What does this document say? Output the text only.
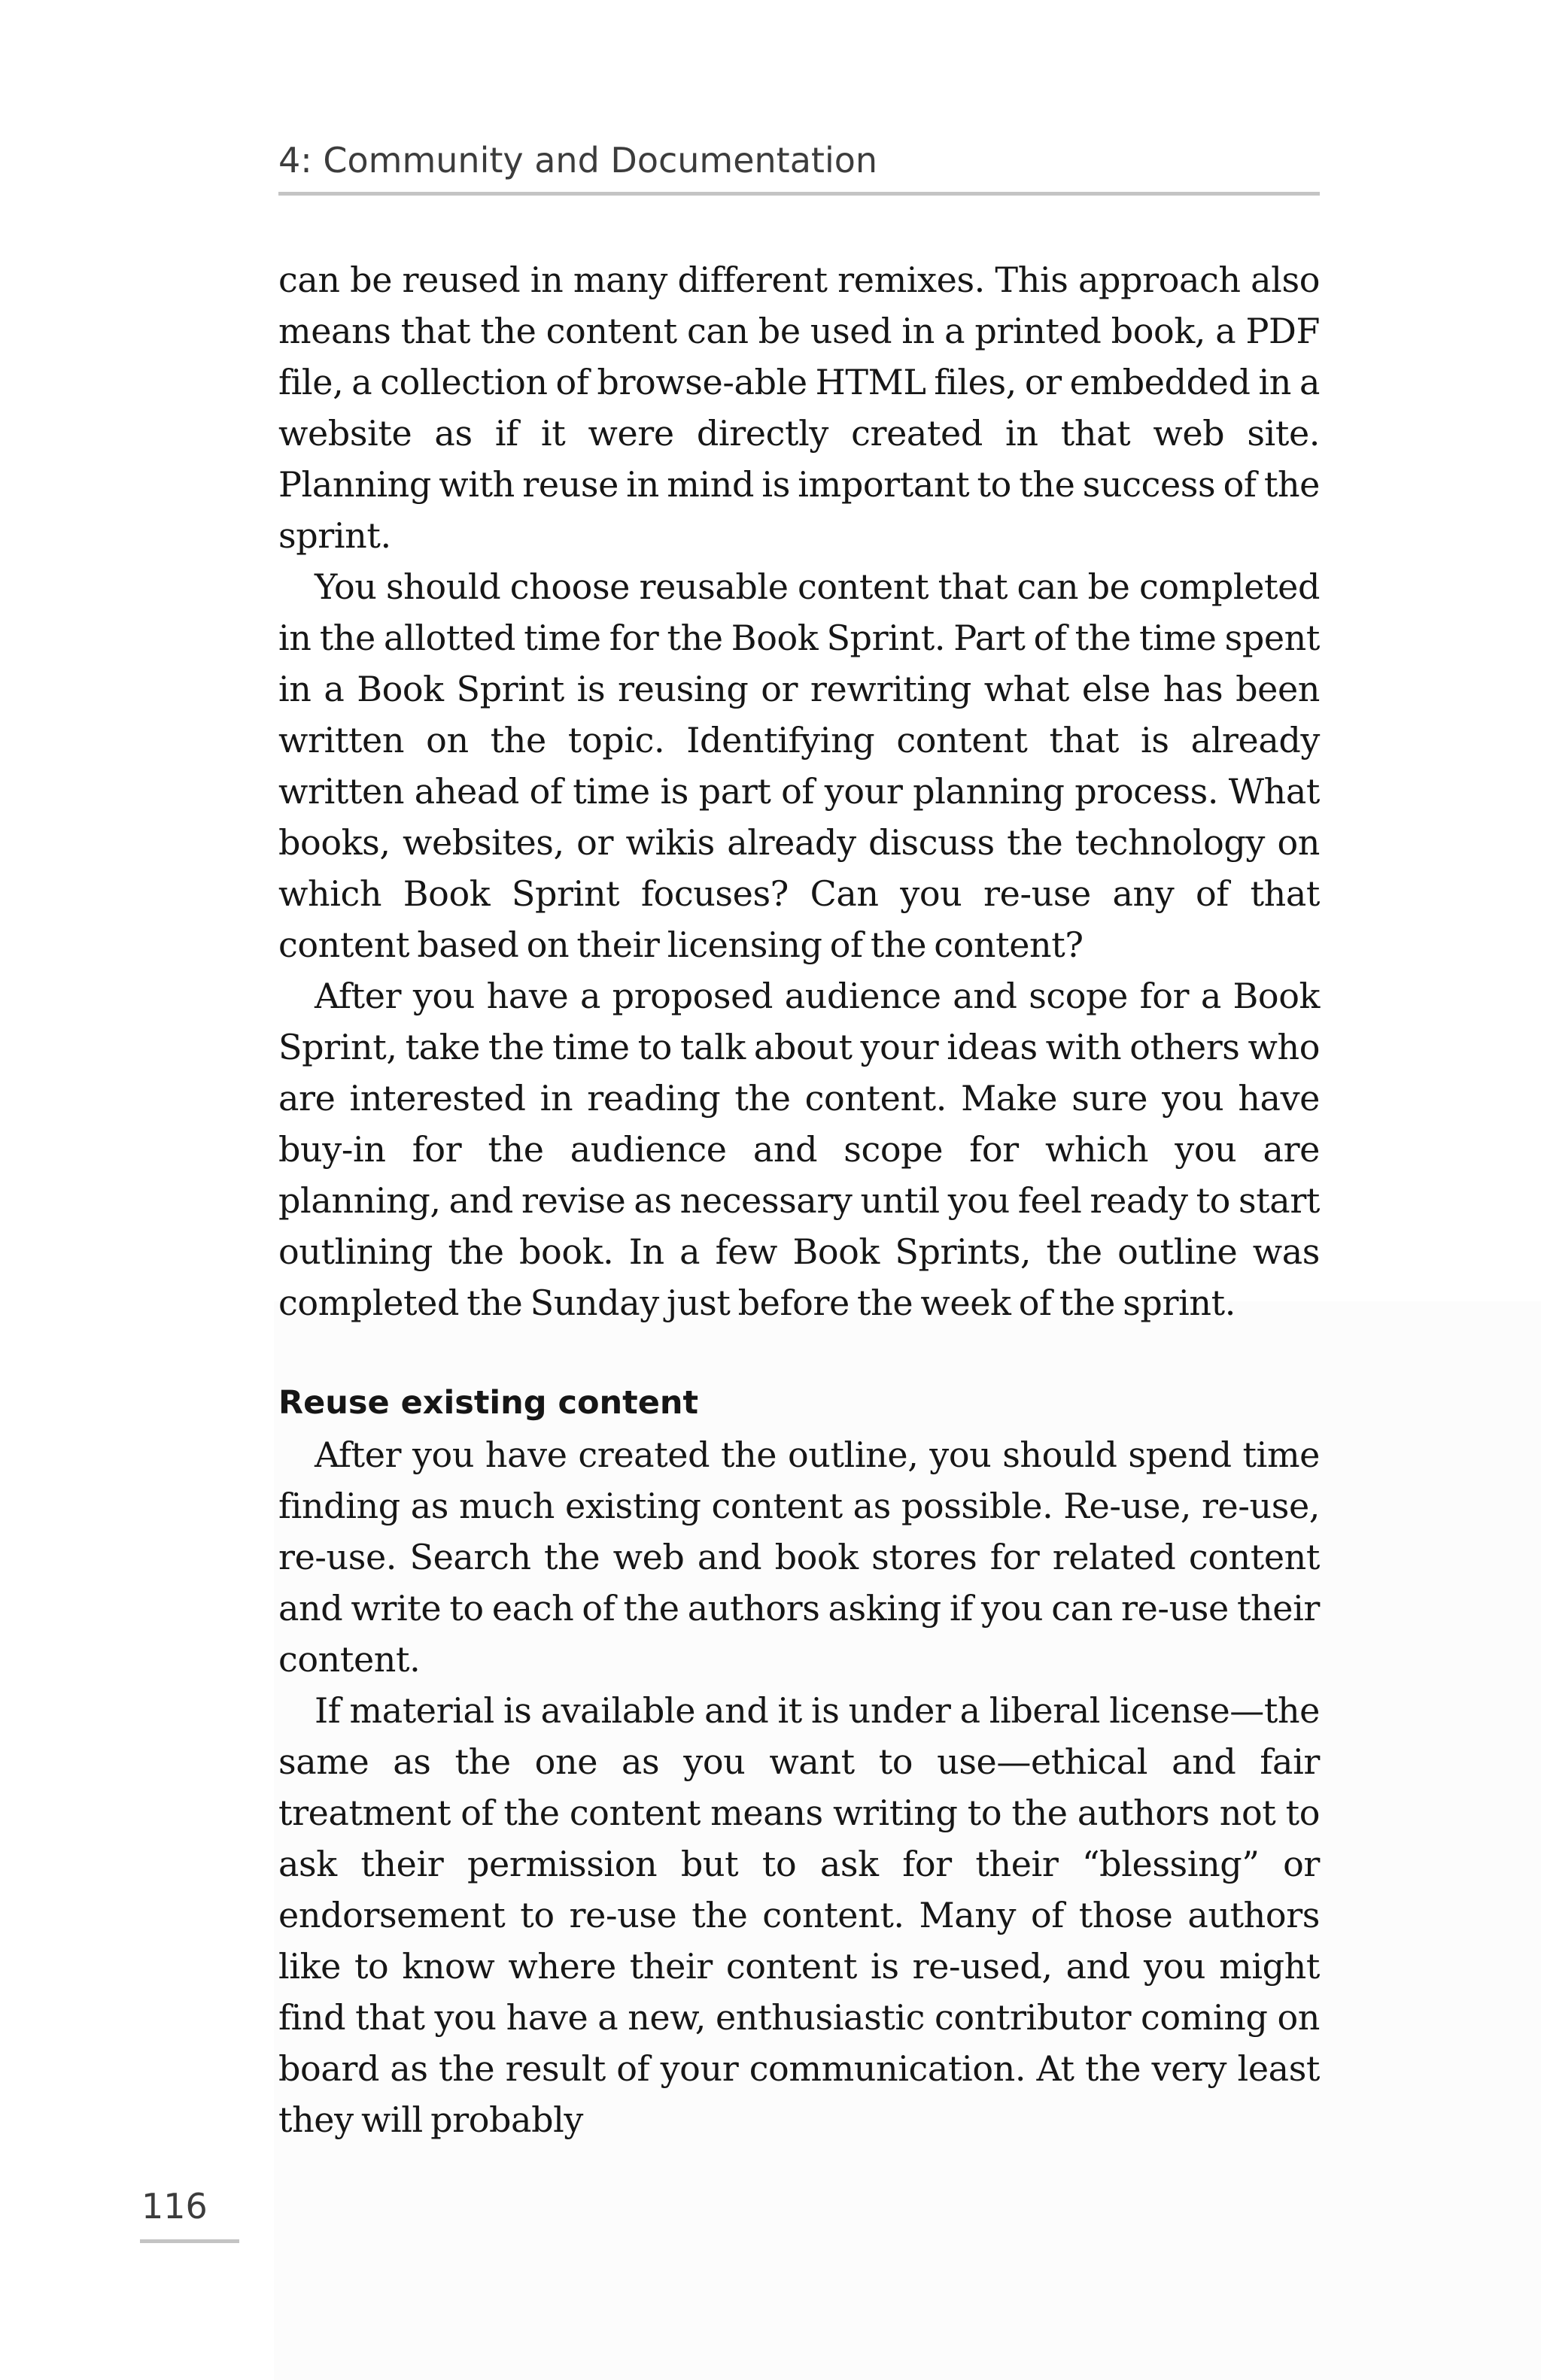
4: Community and Documentation

can be reused in many different remixes. This approach also means that the content can be used in a printed book, a PDF file, a collection of browse-able HTML files, or embedded in a website as if it were directly created in that web site. Planning with reuse in mind is important to the success of the sprint.

You should choose reusable content that can be completed in the allotted time for the Book Sprint. Part of the time spent in a Book Sprint is reusing or rewriting what else has been written on the topic. Identifying content that is already written ahead of time is part of your planning process. What books, websites, or wikis already discuss the technology on which Book Sprint focuses? Can you re-use any of that content based on their licensing of the content?

After you have a proposed audience and scope for a Book Sprint, take the time to talk about your ideas with others who are interested in reading the content. Make sure you have buy-in for the audience and scope for which you are planning, and revise as necessary until you feel ready to start outlining the book. In a few Book Sprints, the outline was completed the Sunday just before the week of the sprint.

Reuse existing content

After you have created the outline, you should spend time finding as much existing content as possible. Re-use, re-use, re-use. Search the web and book stores for related content and write to each of the authors asking if you can re-use their content.

If material is available and it is under a liberal license—the same as the one as you want to use—ethical and fair treatment of the content means writing to the authors not to ask their permission but to ask for their “blessing” or endorsement to re-use the content. Many of those authors like to know where their content is re-used, and you might find that you have a new, enthusiastic contributor coming on board as the result of your communication. At the very least they will probably

116
